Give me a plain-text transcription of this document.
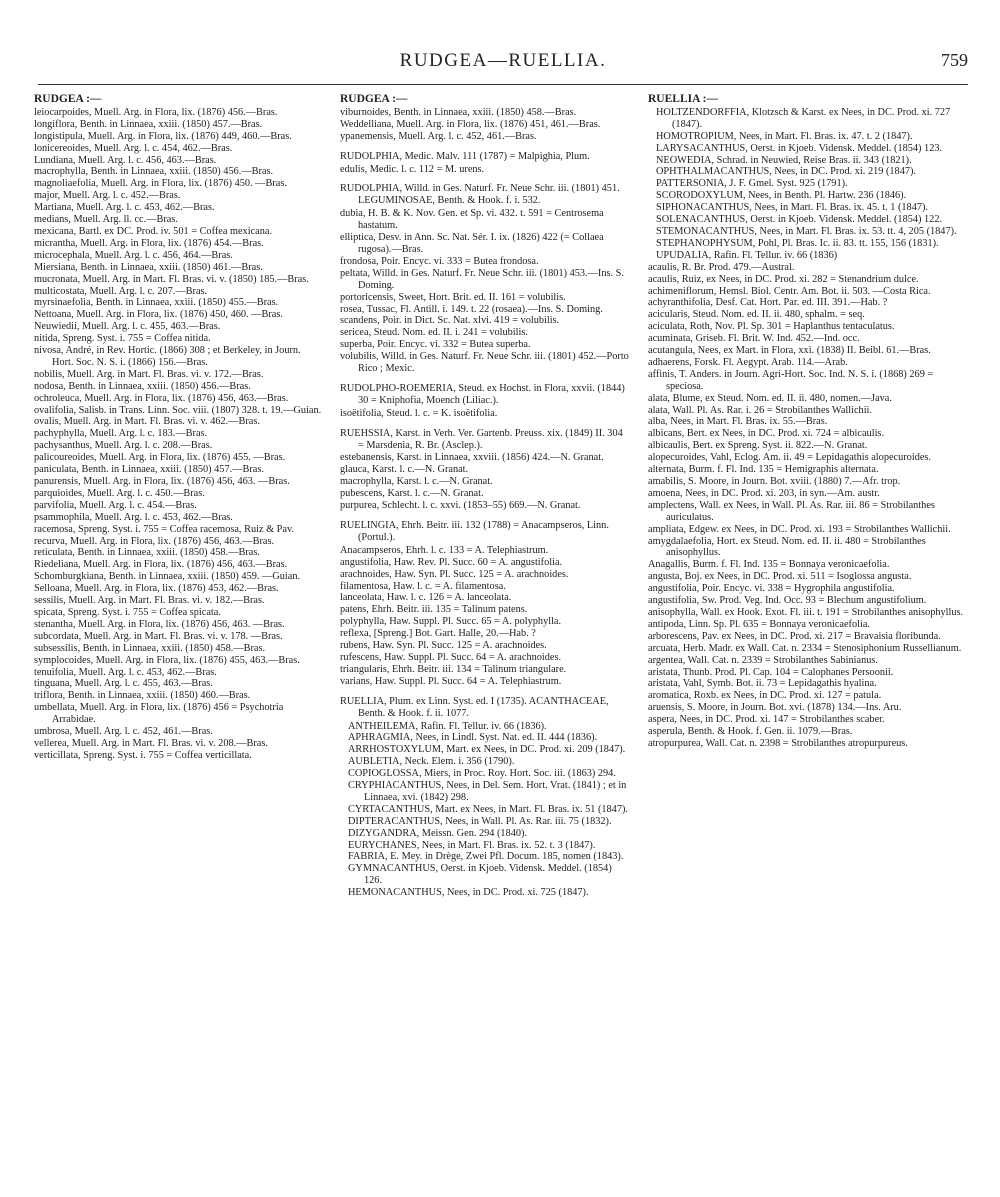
RUDGEA—RUELLIA.	759
RUDGEA :—

leiocarpoides, Muell. Arg. in Flora, lix. (1876) 456.—Bras.

longiflora, Benth. in Linnaea, xxiii. (1850) 457.—Bras.

longistipula, Muell. Arg. in Flora, lix. (1876) 449, 460.—Bras.

lonicereoides, Muell. Arg. l. c. 454, 462.—Bras.

Lundiana, Muell. Arg. l. c. 456, 463.—Bras.

macrophylla, Benth. in Linnaea, xxiii. (1850) 456.—Bras.

magnoliaefolia, Muell. Arg. in Flora, lix. (1876) 450. —Bras.

major, Muell. Arg. l. c. 452.—Bras.

Martiana, Muell. Arg. l. c. 453, 462.—Bras.

medians, Muell. Arg. ll. cc.—Bras.

mexicana, Bartl. ex DC. Prod. iv. 501 = Coffea mexicana.

micrantha, Muell. Arg. in Flora, lix. (1876) 454.—Bras.

microcephala, Muell. Arg. l. c. 456, 464.—Bras.

Miersiana, Benth. in Linnaea, xxiii. (1850) 461.—Bras.

mucronata, Muell. Arg. in Mart. Fl. Bras. vi. v. (1850) 185.—Bras.

multicostata, Muell. Arg. l. c. 207.—Bras.

myrsinaefolia, Benth. in Linnaea, xxiii. (1850) 455.—Bras.

Nettoana, Muell. Arg. in Flora, lix. (1876) 450, 460. —Bras.

Neuwiedii, Muell. Arg. l. c. 455, 463.—Bras.

nitida, Spreng. Syst. i. 755 = Coffea nitida.

nivosa, André, in Rev. Hortic. (1866) 308 ; et Berkeley, in Journ. Hort. Soc. N. S. i. (1866) 156.—Bras.

nobilis, Muell. Arg. in Mart. Fl. Bras. vi. v. 172.—Bras.

nodosa, Benth. in Linnaea, xxiii. (1850) 456.—Bras.

ochroleuca, Muell. Arg. in Flora, lix. (1876) 456, 463.—Bras.

ovalifolia, Salisb. in Trans. Linn. Soc. viii. (1807) 328. t. 19.—Guian.

ovalis, Muell. Arg. in Mart. Fl. Bras. vi. v. 462.—Bras.

pachyphylla, Muell. Arg. l. c. 183.—Bras.

pachysanthus, Muell. Arg. l. c. 208.—Bras.

palicoureoides, Muell. Arg. in Flora, lix. (1876) 455. —Bras.

paniculata, Benth. in Linnaea, xxiii. (1850) 457.—Bras.

panurensis, Muell. Arg. in Flora, lix. (1876) 456, 463. —Bras.

parquioides, Muell. Arg. l. c. 450.—Bras.

parvifolia, Muell. Arg. l. c. 454.—Bras.

psammophila, Muell. Arg. l. c. 453, 462.—Bras.

racemosa, Spreng. Syst. i. 755 = Coffea racemosa, Ruiz & Pav.

recurva, Muell. Arg. in Flora, lix. (1876) 456, 463.—Bras.

reticulata, Benth. in Linnaea, xxiii. (1850) 458.—Bras.

Riedeliana, Muell. Arg. in Flora, lix. (1876) 456, 463.—Bras.

Schomburgkiana, Benth. in Linnaea, xxiii. (1850) 459. —Guian.

Selloana, Muell. Arg. in Flora, lix. (1876) 453, 462.—Bras.

sessilis, Muell. Arg. in Mart. Fl. Bras. vi. v. 182.—Bras.

spicata, Spreng. Syst. i. 755 = Coffea spicata.

stenantha, Muell. Arg. in Flora, lix. (1876) 456, 463. —Bras.

subcordata, Muell. Arg. in Mart. Fl. Bras. vi. v. 178. —Bras.

subsessilis, Benth. in Linnaea, xxiii. (1850) 458.—Bras.

symplocoides, Muell. Arg. in Flora, lix. (1876) 455, 463.—Bras.

tenuifolia, Muell. Arg. l. c. 453, 462.—Bras.

tinguana, Muell. Arg. l. c. 455, 463.—Bras.

triflora, Benth. in Linnaea, xxiii. (1850) 460.—Bras.

umbellata, Muell. Arg. in Flora, lix. (1876) 456 = Psychotria Arrabidae.

umbrosa, Muell. Arg. l. c. 452, 461.—Bras.

vellerea, Muell. Arg. in Mart. Fl. Bras. vi. v. 208.—Bras.

verticillata, Spreng. Syst. i. 755 = Coffea verticillata.

RUDGEA :—

viburnoides, Benth. in Linnaea, xxiii. (1850) 458.—Bras.

Weddelliana, Muell. Arg. in Flora, lix. (1876) 451, 461.—Bras.

ypanemensis, Muell. Arg. l. c. 452, 461.—Bras.

RUDOLPHIA, Medic. Malv. 111 (1787) = Malpighia, Plum.

edulis, Medic. l. c. 112 = M. urens.

RUDOLPHIA, Willd. in Ges. Naturf. Fr. Neue Schr. iii. (1801) 451. LEGUMINOSAE, Benth. & Hook. f. i. 532.

dubia, H. B. & K. Nov. Gen. et Sp. vi. 432. t. 591 = Centrosema hastatum.

elliptica, Desv. in Ann. Sc. Nat. Sér. I. ix. (1826) 422 (= Collaea rugosa).—Bras.

frondosa, Poir. Encyc. vi. 333 = Butea frondosa.

peltata, Willd. in Ges. Naturf. Fr. Neue Schr. iii. (1801) 453.—Ins. S. Doming.

portoricensis, Sweet, Hort. Brit. ed. II. 161 = volubilis.

rosea, Tussac, Fl. Antill. i. 149. t. 22 (rosaea).—Ins. S. Doming.

scandens, Poir. in Dict. Sc. Nat. xlvi. 419 = volubilis.

sericea, Steud. Nom. ed. II. i. 241 = volubilis.

superba, Poir. Encyc. vi. 332 = Butea superba.

volubilis, Willd. in Ges. Naturf. Fr. Neue Schr. iii. (1801) 452.—Porto Rico ; Mexic.

RUDOLPHO-ROEMERIA, Steud. ex Hochst. in Flora, xxvii. (1844) 30 = Kniphofia, Moench (Liliac.).

isoëtifolia, Steud. l. c. = K. isoëtifolia.

RUEHSSIA, Karst. in Verh. Ver. Gartenb. Preuss. xix. (1849) II. 304 = Marsdenia, R. Br. (Asclep.).

estebanensis, Karst. in Linnaea, xxviii. (1856) 424.—N. Granat.

glauca, Karst. l. c.—N. Granat.

macrophylla, Karst. l. c.—N. Granat.

pubescens, Karst. l. c.—N. Granat.

purpurea, Schlecht. l. c. xxvi. (1853–55) 669.—N. Granat.

RUELINGIA, Ehrh. Beitr. iii. 132 (1788) = Anacampseros, Linn. (Portul.).

Anacampseros, Ehrh. l. c. 133 = A. Telephiastrum.

angustifolia, Haw. Rev. Pl. Succ. 60 = A. angustifolia.

arachnoides, Haw. Syn. Pl. Succ. 125 = A. arachnoides.

filamentosa, Haw. l. c. = A. filamentosa.

lanceolata, Haw. l. c. 126 = A. lanceolata.

patens, Ehrh. Beitr. iii. 135 = Talinum patens.

polyphylla, Haw. Suppl. Pl. Succ. 65 = A. polyphylla.

reflexa, [Spreng.] Bot. Gart. Halle, 20.—Hab. ?

rubens, Haw. Syn. Pl. Succ. 125 = A. arachnoides.

rufescens, Haw. Suppl. Pl. Succ. 64 = A. arachnoides.

triangularis, Ehrh. Beitr. iii. 134 = Talinum triangulare.

varians, Haw. Suppl. Pl. Succ. 64 = A. Telephiastrum.

RUELLIA, Plum. ex Linn. Syst. ed. I (1735). ACANTHACEAE, Benth. & Hook. f. ii. 1077.

ANTHEILEMA, Rafin. Fl. Tellur. iv. 66 (1836).

APHRAGMIA, Nees, in Lindl. Syst. Nat. ed. II. 444 (1836).

ARRHOSTOXYLUM, Mart. ex Nees, in DC. Prod. xi. 209 (1847).

AUBLETIA, Neck. Elem. i. 356 (1790).

COPIOGLOSSA, Miers, in Proc. Roy. Hort. Soc. iii. (1863) 294.

CRYPHIACANTHUS, Nees, in Del. Sem. Hort. Vrat. (1841) ; et in Linnaea, xvi. (1842) 298.

CYRTACANTHUS, Mart. ex Nees, in Mart. Fl. Bras. ix. 51 (1847).

DIPTERACANTHUS, Nees, in Wall. Pl. As. Rar. iii. 75 (1832).

DIZYGANDRA, Meissn. Gen. 294 (1840).

EURYCHANES, Nees, in Mart. Fl. Bras. ix. 52. t. 3 (1847).

FABRIA, E. Mey. in Drège, Zwei Pfl. Docum. 185, nomen (1843).

GYMNACANTHUS, Oerst. in Kjoeb. Vidensk. Meddel. (1854) 126.

HEMONACANTHUS, Nees, in DC. Prod. xi. 725 (1847).

RUELLIA :—

HOLTZENDORFFIA, Klotzsch & Karst. ex Nees, in DC. Prod. xi. 727 (1847).

HOMOTROPIUM, Nees, in Mart. Fl. Bras. ix. 47. t. 2 (1847).

LARYSACANTHUS, Oerst. in Kjoeb. Vidensk. Meddel. (1854) 123.

NEOWEDIA, Schrad. in Neuwied, Reise Bras. ii. 343 (1821).

OPHTHALMACANTHUS, Nees, in DC. Prod. xi. 219 (1847).

PATTERSONIA, J. F. Gmel. Syst. 925 (1791).

SCORODOXYLUM, Nees, in Benth. Pl. Hartw. 236 (1846).

SIPHONACANTHUS, Nees, in Mart. Fl. Bras. ix. 45. t. 1 (1847).

SOLENACANTHUS, Oerst. in Kjoeb. Vidensk. Meddel. (1854) 122.

STEMONACANTHUS, Nees, in Mart. Fl. Bras. ix. 53. tt. 4, 205 (1847).

STEPHANOPHYSUM, Pohl, Pl. Bras. Ic. ii. 83. tt. 155, 156 (1831).

UPUDALIA, Rafin. Fl. Tellur. iv. 66 (1836)

acaulis, R. Br. Prod. 479.—Austral.

acaulis, Ruiz, ex Nees, in DC. Prod. xi. 282 = Stenandrium dulce.

achimeniflorum, Hemsl. Biol. Centr. Am. Bot. ii. 503. —Costa Rica.

achyranthifolia, Desf. Cat. Hort. Par. ed. III. 391.—Hab. ?

acicularis, Steud. Nom. ed. II. ii. 480, sphalm. = seq.

aciculata, Roth, Nov. Pl. Sp. 301 = Haplanthus tentaculatus.

acuminata, Griseb. Fl. Brit. W. Ind. 452.—Ind. occ.

acutangula, Nees, ex Mart. in Flora, xxi. (1838) II. Beibl. 61.—Bras.

adhaerens, Forsk. Fl. Aegypt. Arab. 114.—Arab.

affinis, T. Anders. in Journ. Agri-Hort. Soc. Ind. N. S. i. (1868) 269 = speciosa.

alata, Blume, ex Steud. Nom. ed. II. ii. 480, nomen.—Java.

alata, Wall. Pl. As. Rar. i. 26 = Strobilanthes Wallichii.

alba, Nees, in Mart. Fl. Bras. ix. 55.—Bras.

albicans, Bert. ex Nees, in DC. Prod. xi. 724 = albicaulis.

albicaulis, Bert. ex Spreng. Syst. ii. 822.—N. Granat.

alopecuroides, Vahl, Eclog. Am. ii. 49 = Lepidagathis alopecuroides.

alternata, Burm. f. Fl. Ind. 135 = Hemigraphis alternata.

amabilis, S. Moore, in Journ. Bot. xviii. (1880) 7.—Afr. trop.

amoena, Nees, in DC. Prod. xi. 203, in syn.—Am. austr.

amplectens, Wall. ex Nees, in Wall. Pl. As. Rar. iii. 86 = Strobilanthes auriculatus.

ampliata, Edgew. ex Nees, in DC. Prod. xi. 193 = Strobilanthes Wallichii.

amygdalaefolia, Hort. ex Steud. Nom. ed. II. ii. 480 = Strobilanthes anisophyllus.

Anagallis, Burm. f. Fl. Ind. 135 = Bonnaya veronicaefolia.

angusta, Boj. ex Nees, in DC. Prod. xi. 511 = Isoglossa angusta.

angustifolia, Poir. Encyc. vi. 338 = Hygrophila angustifolia.

angustifolia, Sw. Prod. Veg. Ind. Occ. 93 = Blechum angustifolium.

anisophylla, Wall. ex Hook. Exot. Fl. iii. t. 191 = Strobilanthes anisophyllus.

antipoda, Linn. Sp. Pl. 635 = Bonnaya veronicaefolia.

arborescens, Pav. ex Nees, in DC. Prod. xi. 217 = Bravaisia floribunda.

arcuata, Herb. Madr. ex Wall. Cat. n. 2334 = Stenosiphonium Russellianum.

argentea, Wall. Cat. n. 2339 = Strobilanthes Sabinianus.

aristata, Thunb. Prod. Pl. Cap. 104 = Calophanes Persoonii.

aristata, Vahl, Symb. Bot. ii. 73 = Lepidagathis hyalina.

aromatica, Roxb. ex Nees, in DC. Prod. xi. 127 = patula.

aruensis, S. Moore, in Journ. Bot. xvi. (1878) 134.—Ins. Aru.

aspera, Nees, in DC. Prod. xi. 147 = Strobilanthes scaber.

asperula, Benth. & Hook. f. Gen. ii. 1079.—Bras.

atropurpurea, Wall. Cat. n. 2398 = Strobilanthes atropurpureus.
